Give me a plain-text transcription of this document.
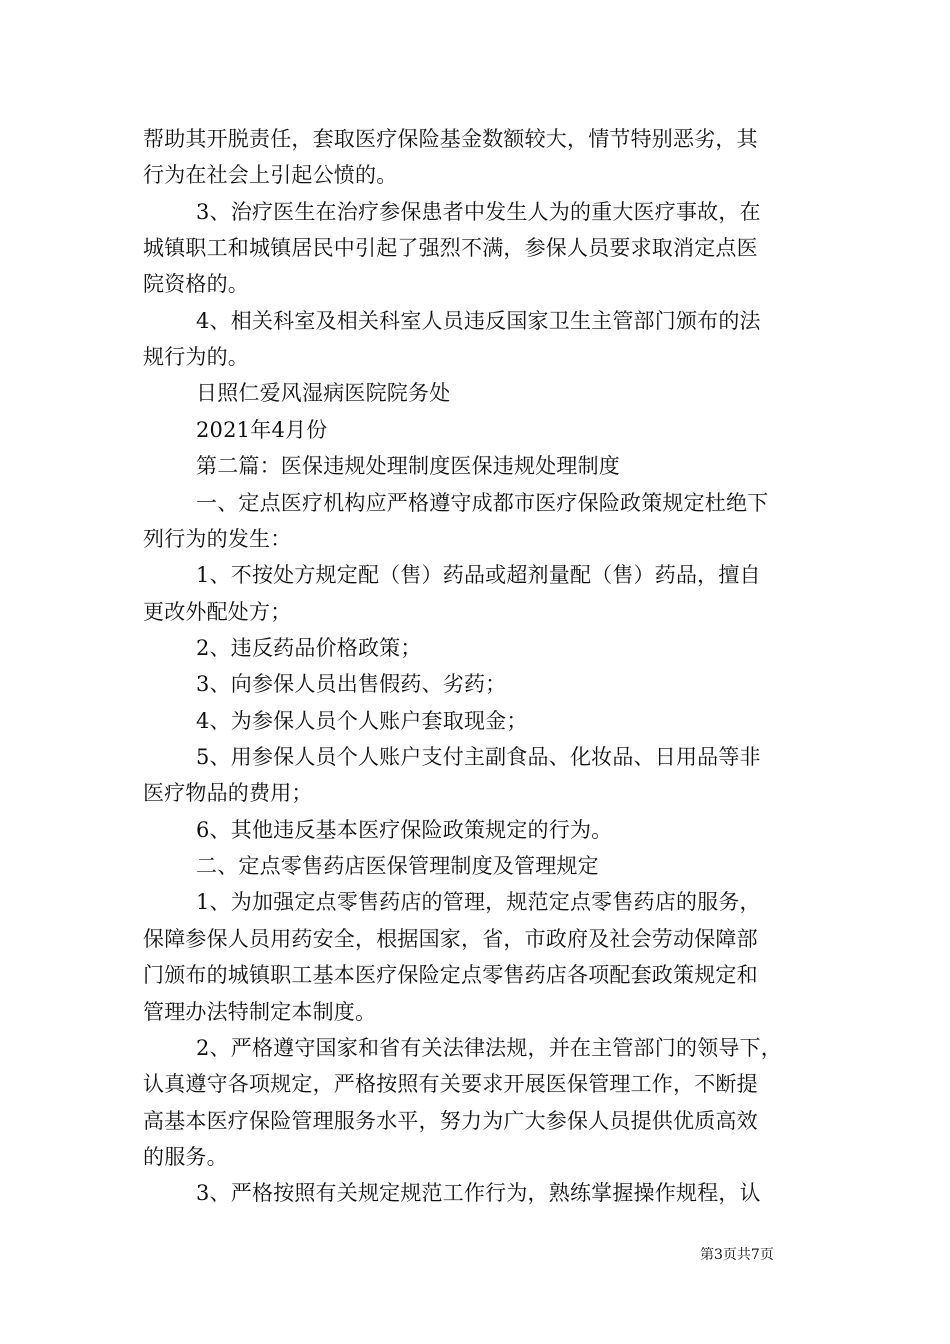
帮助其开脱责任，套取医疗保险基金数额较大，情节特别恶劣，其
行为在社会上引起公愤的。
3、治疗医生在治疗参保患者中发生人为的重大医疗事故，在
城镇职工和城镇居民中引起了强烈不满，参保人员要求取消定点医
院资格的。
4、相关科室及相关科室人员违反国家卫生主管部门颁布的法
规行为的。
日照仁爱风湿病医院院务处
2021年4月份
第二篇：医保违规处理制度医保违规处理制度
一、定点医疗机构应严格遵守成都市医疗保险政策规定杜绝下
列行为的发生：
1、不按处方规定配（售）药品或超剂量配（售）药品，擅自
更改外配处方；
2、违反药品价格政策；
3、向参保人员出售假药、劣药；
4、为参保人员个人账户套取现金；
5、用参保人员个人账户支付主副食品、化妆品、日用品等非
医疗物品的费用；
6、其他违反基本医疗保险政策规定的行为。
二、定点零售药店医保管理制度及管理规定
1、为加强定点零售药店的管理，规范定点零售药店的服务，
保障参保人员用药安全，根据国家，省，市政府及社会劳动保障部
门颁布的城镇职工基本医疗保险定点零售药店各项配套政策规定和
管理办法特制定本制度。
2、严格遵守国家和省有关法律法规，并在主管部门的领导下，
认真遵守各项规定，严格按照有关要求开展医保管理工作，不断提
高基本医疗保险管理服务水平，努力为广大参保人员提供优质高效
的服务。
3、严格按照有关规定规范工作行为，熟练掌握操作规程，认
第3页共7页
